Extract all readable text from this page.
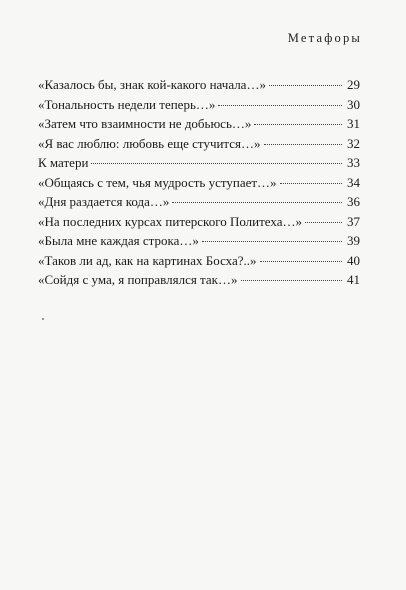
Метафоры
«Казалось бы, знак кой-какого начала…»	29
«Тональность недели теперь…»	30
«Затем что взаимности не добьюсь…»	31
«Я вас люблю: любовь еще стучится…»	32
К матери	33
«Общаясь с тем, чья мудрость уступает…»	34
«Дня раздается кода…»	36
«На последних курсах питерского Политеха…»	37
«Была мне каждая строка…»	39
«Таков ли ад, как на картинах Босха?..»	40
«Сойдя с ума, я поправлялся так…»	41
